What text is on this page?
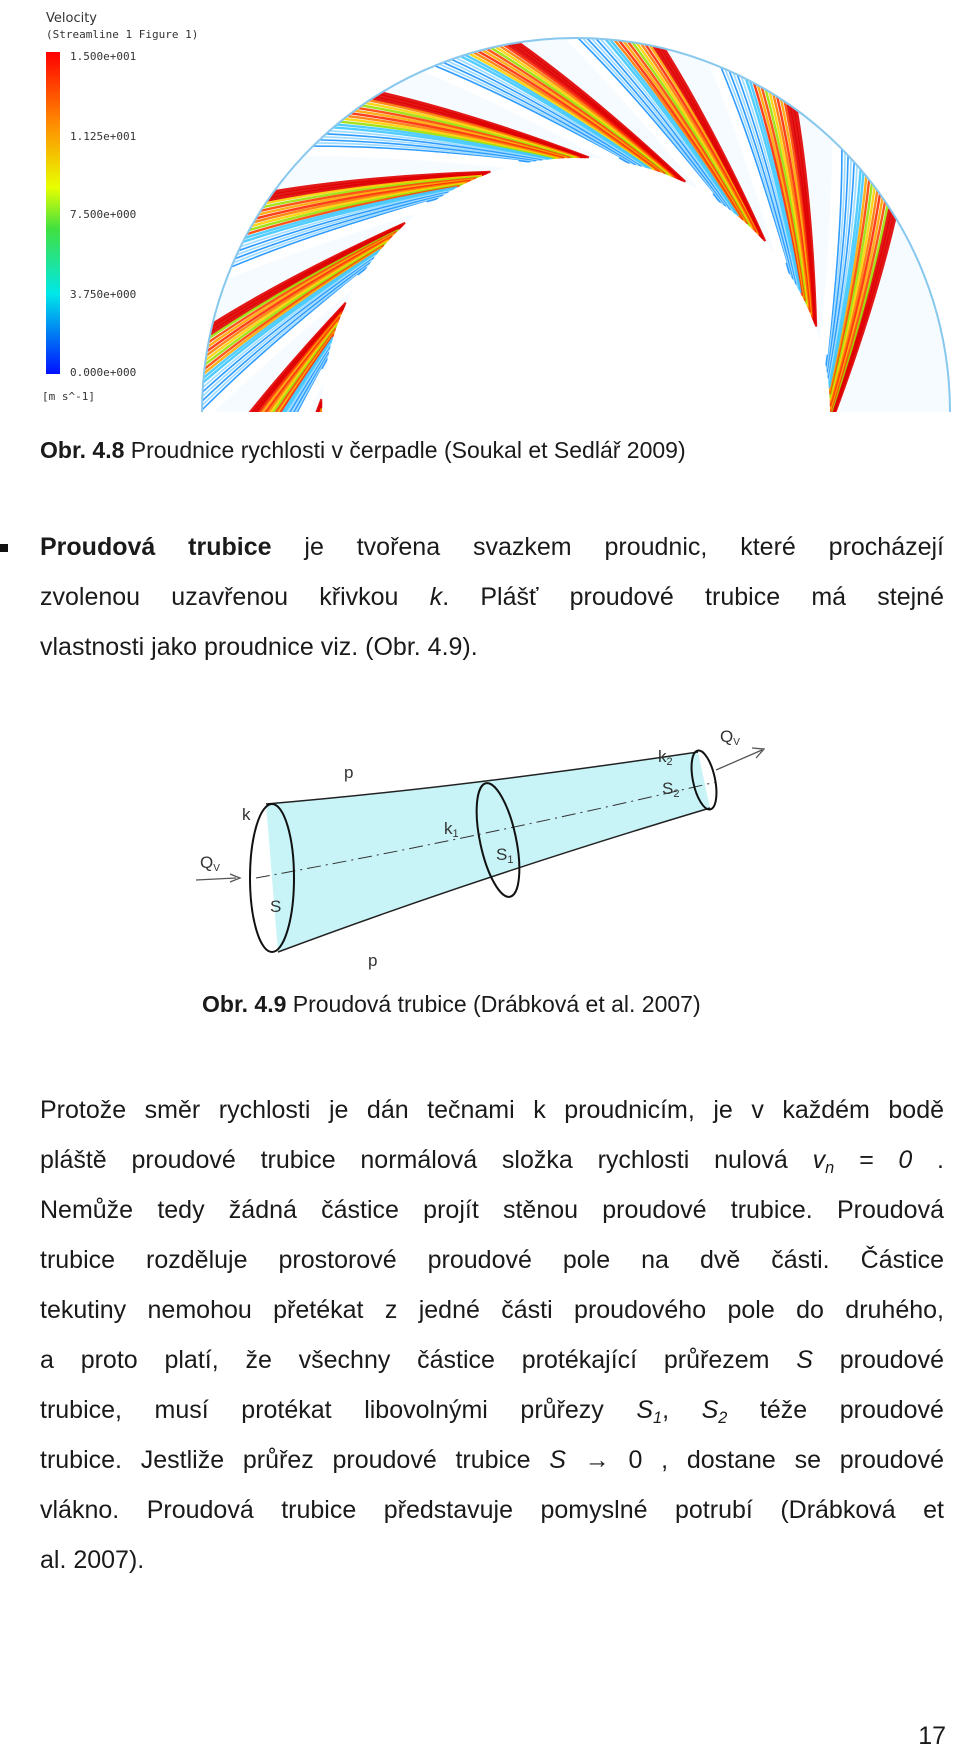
Velocity
(Streamline 1 Figure 1)
1.500e+001
1.125e+001
7.500e+000
3.750e+000
0.000e+000
[m s^-1]
Obr. 4.8 Proudnice rychlosti v čerpadle (Soukal et Sedlář 2009)
Proudová trubice je tvořena svazkem proudnic, které procházejí
zvolenou uzavřenou křivkou k. Plášť proudové trubice má stejné
vlastnosti jako proudnice viz. (Obr. 4.9).
p
p
k
k1
k2
S
S1
S2
QV
QV
Obr. 4.9 Proudová trubice (Drábková et al. 2007)
Protože směr rychlosti je dán tečnami k proudnicím, je v každém bodě
pláště proudové trubice normálová složka rychlosti nulová $v_n = 0$ .
Nemůže tedy žádná částice projít stěnou proudové trubice. Proudová
trubice rozděluje prostorové proudové pole na dvě části. Částice
tekutiny nemohou přetékat z jedné části proudového pole do druhého,
a proto platí, že všechny částice protékající průřezem S proudové
trubice, musí protékat libovolnými průřezy $S_1$, $S_2$ téže proudové
trubice. Jestliže průřez proudové trubice S → 0 , dostane se proudové
vlákno. Proudová trubice představuje pomyslné potrubí (Drábková et
al. 2007).
17
